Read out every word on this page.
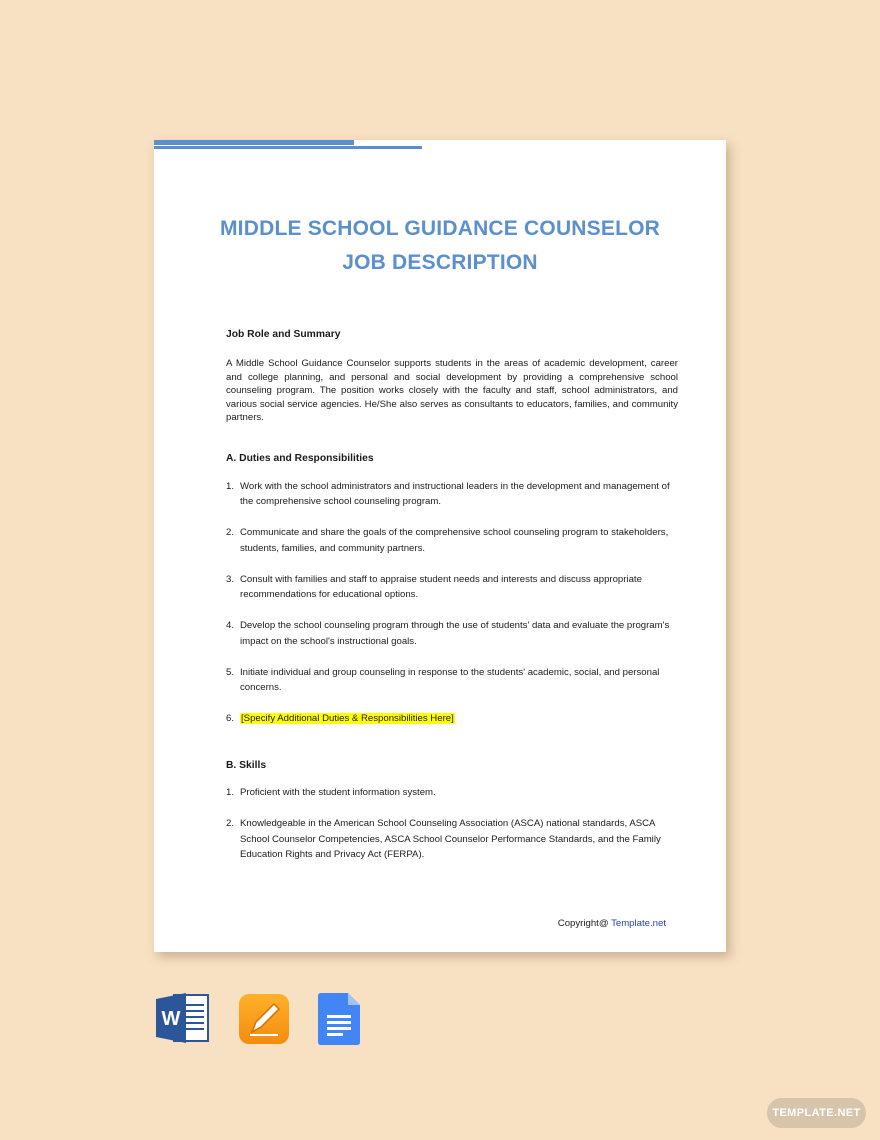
MIDDLE SCHOOL GUIDANCE COUNSELOR
JOB DESCRIPTION
Job Role and Summary
A Middle School Guidance Counselor supports students in the areas of academic development, career and college planning, and personal and social development by providing a comprehensive school counseling program. The position works closely with the faculty and staff, school administrators, and various social service agencies. He/She also serves as consultants to educators, families, and community partners.
A. Duties and Responsibilities
1. Work with the school administrators and instructional leaders in the development and management of the comprehensive school counseling program.
2. Communicate and share the goals of the comprehensive school counseling program to stakeholders, students, families, and community partners.
3. Consult with families and staff to appraise student needs and interests and discuss appropriate recommendations for educational options.
4. Develop the school counseling program through the use of students' data and evaluate the program's impact on the school's instructional goals.
5. Initiate individual and group counseling in response to the students' academic, social, and personal concerns.
6. [Specify Additional Duties & Responsibilities Here]
B. Skills
1. Proficient with the student information system.
2. Knowledgeable in the American School Counseling Association (ASCA) national standards, ASCA School Counselor Competencies, ASCA School Counselor Performance Standards, and the Family Education Rights and Privacy Act (FERPA).
Copyright@ Template.net
W
TEMPLATE.NET
